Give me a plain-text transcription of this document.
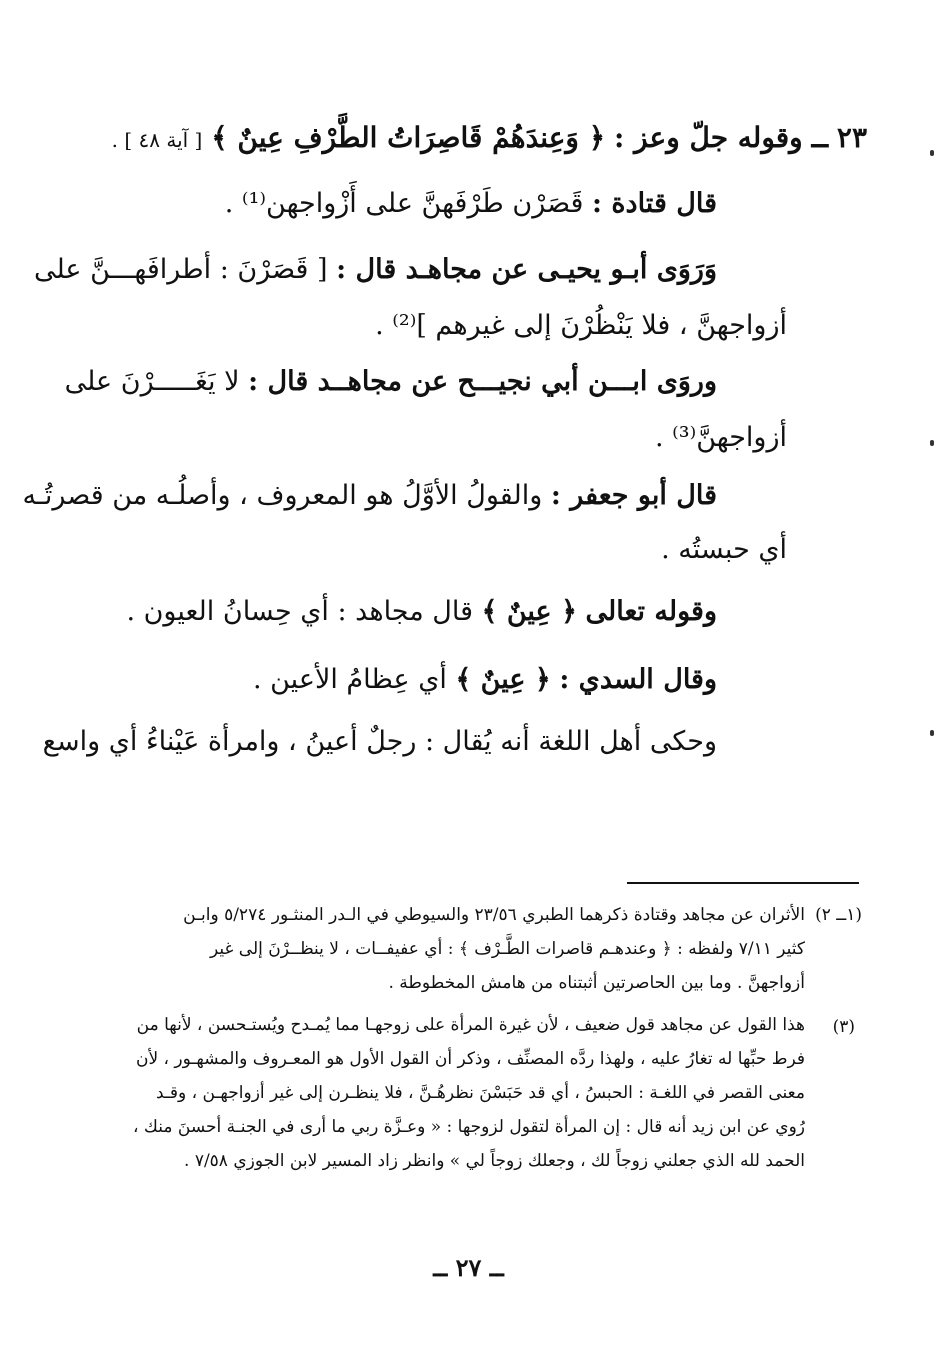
٢٣ ــ وقوله جلّ وعز : ﴿ وَعِندَهُمْ قَاصِرَاتُ الطَّرْفِ عِينٌ ﴾ [ آية ٤٨ ] .
قال قتادة : قَصَرْن طَرْفَهنَّ على أَزْواجهن⁽¹⁾ .
وَرَوَى أبـو يحيـى عن مجاهـد قال : [ قَصَرْنَ : أطرافَهـــنَّ على
أزواجهنَّ ، فلا يَنْظُرْنَ إلى غيرهم ]⁽²⁾ .
وروَى ابـــن أبي نجيـــح عن مجاهــد قال : لا يَغَـــــرْنَ على
أزواجهنَّ⁽³⁾ .
قال أبو جعفر : والقولُ الأوَّلُ هو المعروف ، وأصلُـه من قصرتُـه
أي حبستُه .
وقوله تعالى ﴿ عِينٌ ﴾ قال مجاهد : أي حِسانُ العيون .
وقال السدي : ﴿ عِينٌ ﴾ أي عِظامُ الأعين .
وحكى أهل اللغة أنه يُقال : رجلٌ أعينُ ، وامرأة عَيْناءُ أي واسع
(١ــ ٢)
الأثران عن مجاهد وقتادة ذكرهما الطبري ٢٣/٥٦ والسيوطي في الـدر المنثـور ٥/٢٧٤ وابـن
كثير ٧/١١ ولفظه : ﴿ وعندهـم قاصرات الطَّـرْف ﴾ : أي عفيفــات ، لا ينظــرْنَ إلى غير
أزواجهنَّ . وما بين الحاصرتين أثبتناه من هامش المخطوطة .
(٣)
هذا القول عن مجاهد قول ضعيف ، لأن غيرة المرأة على زوجهـا مما يُمـدح ويُستـحسن ، لأنها من
فرط حبِّها له تغارُ عليه ، ولهذا ردَّه المصنِّف ، وذكر أن القول الأول هو المعـروف والمشهـور ، لأن
معنى القصر في اللغـة : الحبسُ ، أي قد حَبَسْنَ نظرهُـنَّ ، فلا ينظـرن إلى غير أزواجهـن ، وقـد
رُوي عن ابن زيد أنه قال : إن المرأة لتقول لزوجها : « وعـزَّة ربي ما أرى في الجنـة أحسنَ منك ،
الحمد لله الذي جعلني زوجاً لك ، وجعلك زوجاً لي » وانظر زاد المسير لابن الجوزي ٧/٥٨ .
ــ ٢٧ ــ
